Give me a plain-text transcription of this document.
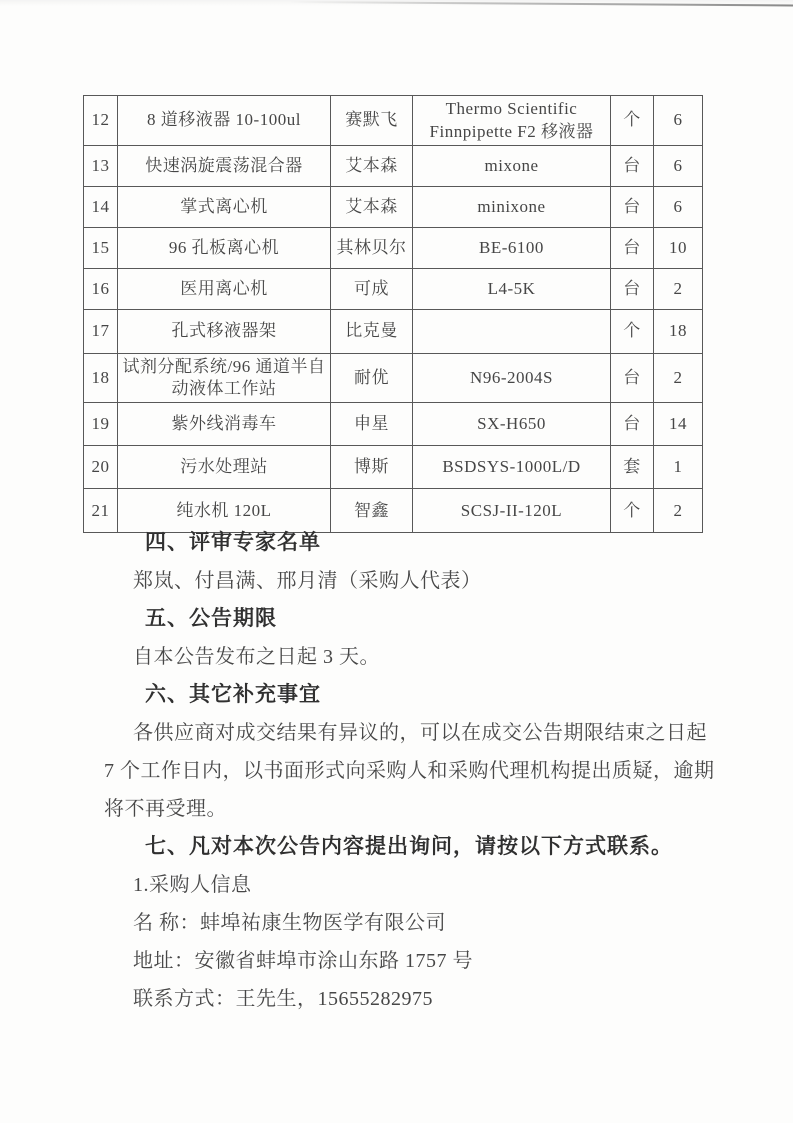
12	8 道移液器 10-100ul	赛默飞	Thermo Scientific Finnpipette F2 移液器	个	6
13	快速涡旋震荡混合器	艾本森	mixone	台	6
14	掌式离心机	艾本森	minixone	台	6
15	96 孔板离心机	其林贝尔	BE-6100	台	10
16	医用离心机	可成	L4-5K	台	2
17	孔式移液器架	比克曼		个	18
18	试剂分配系统/96 通道半自动液体工作站	耐优	N96-2004S	台	2
19	紫外线消毒车	申星	SX-H650	台	14
20	污水处理站	博斯	BSDSYS-1000L/D	套	1
21	纯水机 120L	智鑫	SCSJ-II-120L	个	2
四、评审专家名单
郑岚、付昌满、邢月清（采购人代表）
五、公告期限
自本公告发布之日起 3 天。
六、其它补充事宜
各供应商对成交结果有异议的，可以在成交公告期限结束之日起
7 个工作日内，以书面形式向采购人和采购代理机构提出质疑，逾期
将不再受理。
七、凡对本次公告内容提出询问，请按以下方式联系。
1.采购人信息
名 称：蚌埠祐康生物医学有限公司
地址：安徽省蚌埠市涂山东路 1757 号
联系方式：王先生，15655282975
